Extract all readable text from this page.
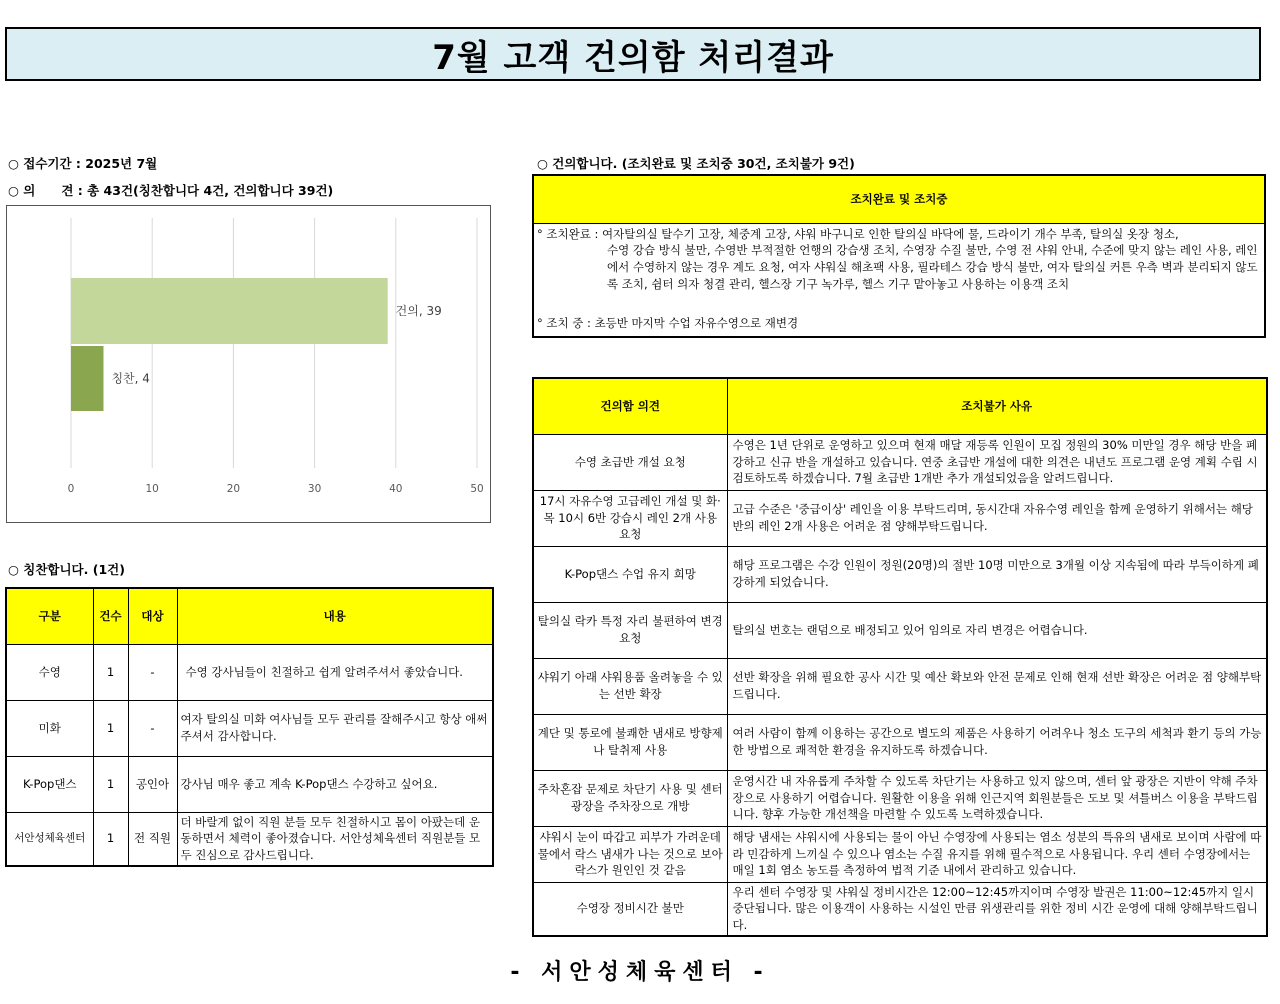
7월 고객 건의함 처리결과
○ 접수기간 : 2025년 7월
○ 의 견 : 총 43건(칭찬합니다 4건, 건의합니다 39건)
0	10	20	30	40	50
건의, 39
칭찬, 4
○ 칭찬합니다. (1건)
구분	건수	대상	내용
수영	1	-	수영 강사님들이 친절하고 쉽게 알려주셔서 좋았습니다.
미화	1	-	여자 탈의실 미화 여사님들 모두 관리를 잘해주시고 항상 애써주셔서 감사합니다.
K-Pop댄스	1	공인아	강사님 매우 좋고 계속 K-Pop댄스 수강하고 싶어요.
서안성체육센터	1	전 직원	더 바랄게 없이 직원 분들 모두 친절하시고 몸이 아팠는데 운동하면서 체력이 좋아졌습니다. 서안성체육센터 직원분들 모두 진심으로 감사드립니다.
○ 건의합니다. (조치완료 및 조치중 30건, 조치불가 9건)
조치완료 및 조치중
° 조치완료 : 여자탈의실 탈수기 고장, 체중계 고장, 샤워 바구니로 인한 탈의실 바닥에 물, 드라이기 개수 부족, 탈의실 옷장 청소,
수영 강습 방식 불만, 수영반 부적절한 언행의 강습생 조치, 수영장 수질 불만, 수영 전 샤워 안내, 수준에 맞지 않는 레인 사용, 레인에서 수영하지 않는 경우 계도 요청, 여자 샤워실 해초팩 사용, 필라테스 강습 방식 불만, 여자 탈의실 커튼 우측 벽과 분리되지 않도록 조치, 쉼터 의자 청결 관리, 헬스장 기구 녹가루, 헬스 기구 맡아놓고 사용하는 이용객 조치

° 조치 중 : 초등반 마지막 수업 자유수영으로 재변경
건의함 의견	조치불가 사유
수영 초급반 개설 요청	수영은 1년 단위로 운영하고 있으며 현재 매달 재등록 인원이 모집 정원의 30% 미만일 경우 해당 반을 폐강하고 신규 반을 개설하고 있습니다. 연중 초급반 개설에 대한 의견은 내년도 프로그램 운영 계획 수립 시 검토하도록 하겠습니다. 7월 초급반 1개반 추가 개설되었음을 알려드립니다.
17시 자유수영 고급레인 개설 및 화·목 10시 6반 강습시 레인 2개 사용 요청	고급 수준은 '중급이상' 레인을 이용 부탁드리며, 동시간대 자유수영 레인을 함께 운영하기 위해서는 해당 반의 레인 2개 사용은 어려운 점 양해부탁드립니다.
K-Pop댄스 수업 유지 희망	해당 프로그램은 수강 인원이 정원(20명)의 절반 10명 미만으로 3개월 이상 지속됨에 따라 부득이하게 폐강하게 되었습니다.
탈의실 락카 특정 자리 불편하여 변경 요청	탈의실 번호는 랜덤으로 배정되고 있어 임의로 자리 변경은 어렵습니다.
샤워기 아래 샤워용품 올려놓을 수 있는 선반 확장	선반 확장을 위해 필요한 공사 시간 및 예산 확보와 안전 문제로 인해 현재 선반 확장은 어려운 점 양해부탁드립니다.
계단 및 통로에 불쾌한 냄새로 방향제나 탈취제 사용	여러 사람이 함께 이용하는 공간으로 별도의 제품은 사용하기 어려우나 청소 도구의 세척과 환기 등의 가능한 방법으로 쾌적한 환경을 유지하도록 하겠습니다.
주차혼잡 문제로 차단기 사용 및 센터 광장을 주차장으로 개방	운영시간 내 자유롭게 주차할 수 있도록 차단기는 사용하고 있지 않으며, 센터 앞 광장은 지반이 약해 주차장으로 사용하기 어렵습니다. 원활한 이용을 위해 인근지역 회원분들은 도보 및 셔틀버스 이용을 부탁드립니다. 향후 가능한 개선책을 마련할 수 있도록 노력하겠습니다.
샤워시 눈이 따갑고 피부가 가려운데 물에서 락스 냄새가 나는 것으로 보아 락스가 원인인 것 같음	해당 냄새는 샤워시에 사용되는 물이 아닌 수영장에 사용되는 염소 성분의 특유의 냄새로 보이며 사람에 따라 민감하게 느끼실 수 있으나 염소는 수질 유지를 위해 필수적으로 사용됩니다. 우리 센터 수영장에서는 매일 1회 염소 농도를 측정하여 법적 기준 내에서 관리하고 있습니다.
수영장 정비시간 불만	우리 센터 수영장 및 샤워실 정비시간은 12:00~12:45까지이며 수영장 발권은 11:00~12:45까지 일시 중단됩니다. 많은 이용객이 사용하는 시설인 만큼 위생관리를 위한 정비 시간 운영에 대해 양해부탁드립니다.
- 서안성체육센터 -
